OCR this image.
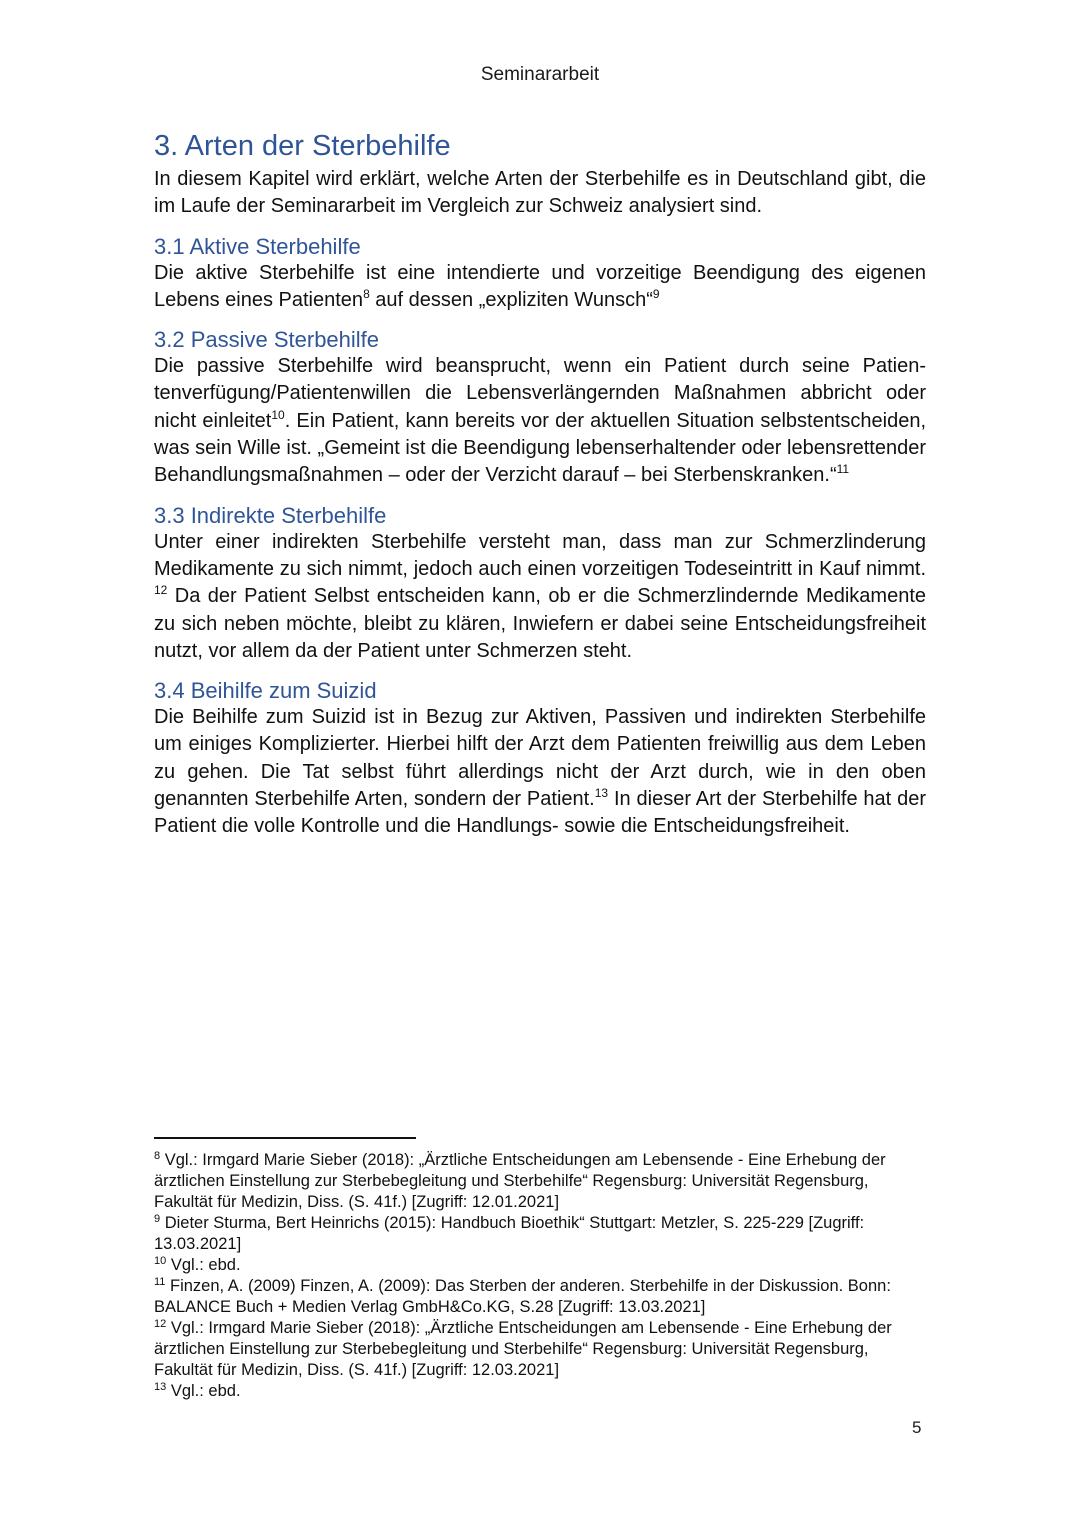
Seminararbeit
3. Arten der Sterbehilfe

In diesem Kapitel wird erklärt, welche Arten der Sterbehilfe es in Deutschland gibt, die im Laufe der Seminararbeit im Vergleich zur Schweiz analysiert sind.

3.1 Aktive Sterbehilfe

Die aktive Sterbehilfe ist eine intendierte und vorzeitige Beendigung des eigenen Lebens eines Patienten$^8$ auf dessen „expliziten Wunsch“$^9$

3.2 Passive Sterbehilfe

Die passive Sterbehilfe wird beansprucht, wenn ein Patient durch seine Patientenverfügung/Patientenwillen die Lebensverlängernden Maßnahmen abbricht oder nicht einleitet$^{10}$. Ein Patient, kann bereits vor der aktuellen Situation selbstentscheiden, was sein Wille ist. „Gemeint ist die Beendigung lebenserhaltender oder lebensrettender Behandlungsmaßnahmen – oder der Verzicht darauf – bei Sterbenskranken.“$^{11}$

3.3 Indirekte Sterbehilfe

Unter einer indirekten Sterbehilfe versteht man, dass man zur Schmerzlinderung Medikamente zu sich nimmt, jedoch auch einen vorzeitigen Todeseintritt in Kauf nimmt. $^{12}$ Da der Patient Selbst entscheiden kann, ob er die Schmerzlindernde Medikamente zu sich neben möchte, bleibt zu klären, Inwiefern er dabei seine Entscheidungsfreiheit nutzt, vor allem da der Patient unter Schmerzen steht.

3.4 Beihilfe zum Suizid

Die Beihilfe zum Suizid ist in Bezug zur Aktiven, Passiven und indirekten Sterbehilfe um einiges Komplizierter. Hierbei hilft der Arzt dem Patienten freiwillig aus dem Leben zu gehen. Die Tat selbst führt allerdings nicht der Arzt durch, wie in den oben genannten Sterbehilfe Arten, sondern der Patient.$^{13}$ In dieser Art der Sterbehilfe hat der Patient die volle Kontrolle und die Handlungs- sowie die Entscheidungsfreiheit.

$^8$ Vgl.: Irmgard Marie Sieber (2018): „Ärztliche Entscheidungen am Lebensende - Eine Erhebung der ärztlichen Einstellung zur Sterbebegleitung und Sterbehilfe“ Regensburg: Universität Regensburg, Fakultät für Medizin, Diss. (S. 41f.) [Zugriff: 12.01.2021]

$^9$ Dieter Sturma, Bert Heinrichs (2015): Handbuch Bioethik“ Stuttgart: Metzler, S. 225-229 [Zugriff: 13.03.2021]

$^{10}$ Vgl.: ebd.

$^{11}$ Finzen, A. (2009) Finzen, A. (2009): Das Sterben der anderen. Sterbehilfe in der Diskussion. Bonn: BALANCE Buch + Medien Verlag GmbH&Co.KG, S.28 [Zugriff: 13.03.2021]

$^{12}$ Vgl.: Irmgard Marie Sieber (2018): „Ärztliche Entscheidungen am Lebensende - Eine Erhebung der ärztlichen Einstellung zur Sterbebegleitung und Sterbehilfe“ Regensburg: Universität Regensburg, Fakultät für Medizin, Diss. (S. 41f.) [Zugriff: 12.03.2021]

$^{13}$ Vgl.: ebd.

5
